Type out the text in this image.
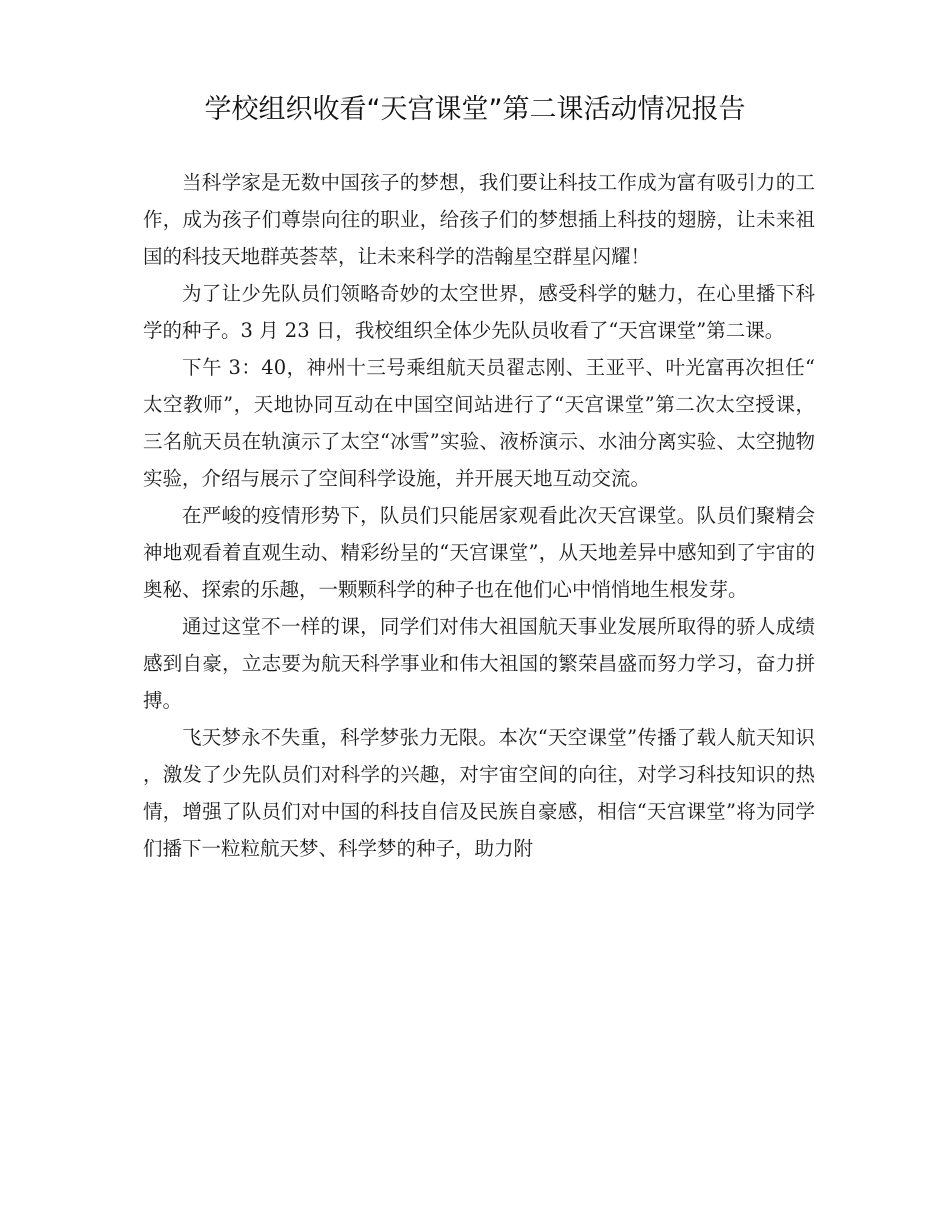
学校组织收看“天宫课堂”第二课活动情况报告

当科学家是无数中国孩子的梦想，我们要让科技工作成为富有吸引力的工作，成为孩子们尊崇向往的职业，给孩子们的梦想插上科技的翅膀，让未来祖国的科技天地群英荟萃，让未来科学的浩翰星空群星闪耀！

为了让少先队员们领略奇妙的太空世界，感受科学的魅力，在心里播下科学的种子。3 月 23 日，我校组织全体少先队员收看了“天宫课堂”第二课。

下午 3：40，神州十三号乘组航天员翟志刚、王亚平、叶光富再次担任“太空教师”，天地协同互动在中国空间站进行了“天宫课堂”第二次太空授课，三名航天员在轨演示了太空“冰雪”实验、液桥演示、水油分离实验、太空抛物实验，介绍与展示了空间科学设施，并开展天地互动交流。

在严峻的疫情形势下，队员们只能居家观看此次天宫课堂。队员们聚精会神地观看着直观生动、精彩纷呈的“天宫课堂”，从天地差异中感知到了宇宙的奥秘、探索的乐趣，一颗颗科学的种子也在他们心中悄悄地生根发芽。

通过这堂不一样的课，同学们对伟大祖国航天事业发展所取得的骄人成绩感到自豪，立志要为航天科学事业和伟大祖国的繁荣昌盛而努力学习，奋力拼搏。

飞天梦永不失重，科学梦张力无限。本次“天空课堂”传播了载人航天知识，激发了少先队员们对科学的兴趣，对宇宙空间的向往，对学习科技知识的热情，增强了队员们对中国的科技自信及民族自豪感，相信“天宫课堂”将为同学们播下一粒粒航天梦、科学梦的种子，助力附
